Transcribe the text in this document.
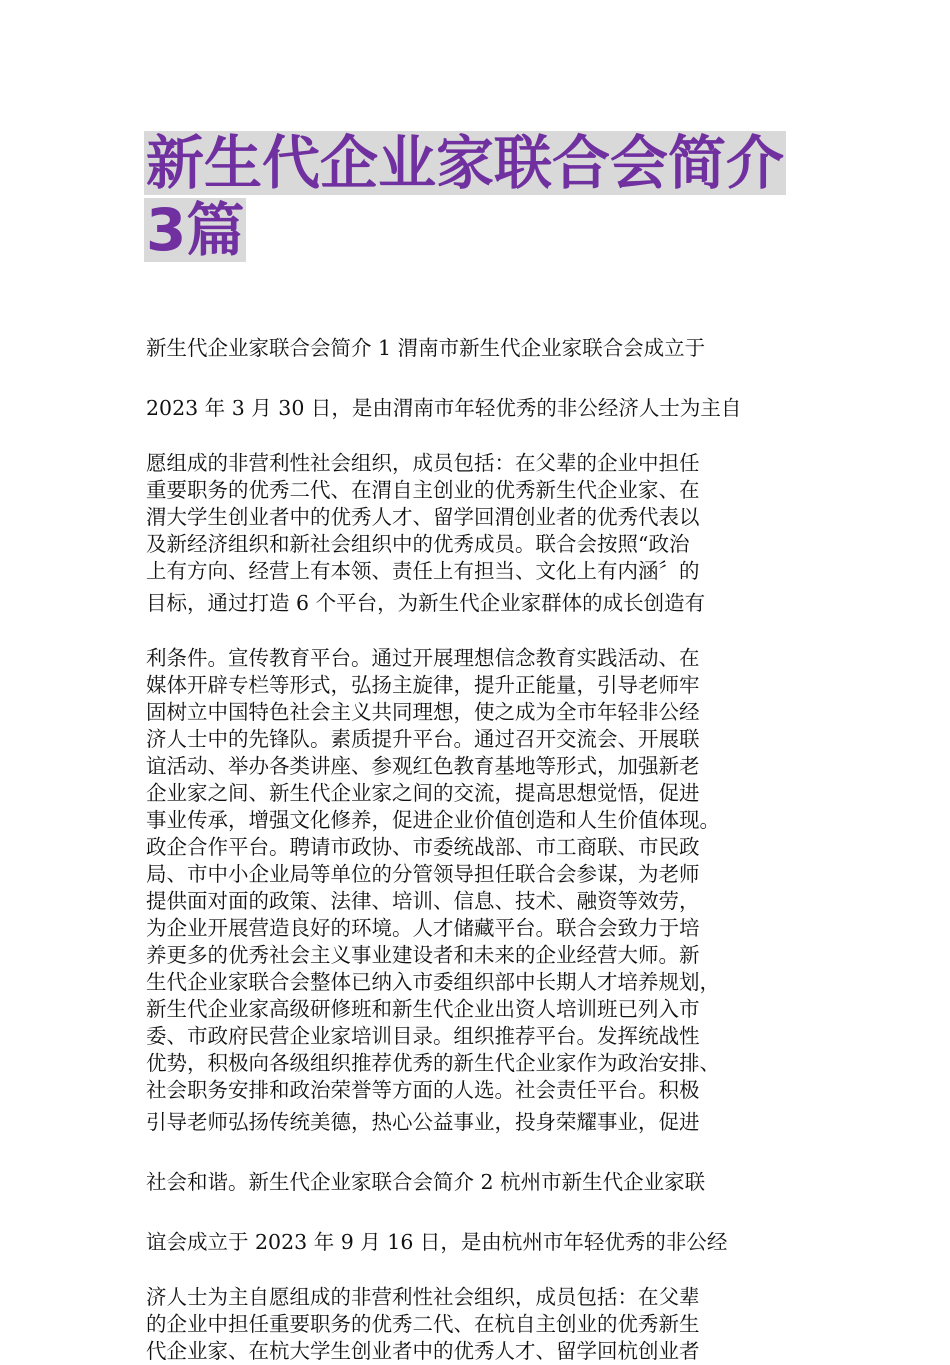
新生代企业家联合会简介
3篇
新生代企业家联合会简介 1 渭南市新生代企业家联合会成立于
2023 年 3 月 30 日，是由渭南市年轻优秀的非公经济人士为主自
愿组成的非营利性社会组织，成员包括：在父辈的企业中担任
重要职务的优秀二代、在渭自主创业的优秀新生代企业家、在
渭大学生创业者中的优秀人才、留学回渭创业者的优秀代表以
及新经济组织和新社会组织中的优秀成员。联合会按照“政治
上有方向、经营上有本领、责任上有担当、文化上有内涵〞的
目标，通过打造 6 个平台，为新生代企业家群体的成长创造有
利条件。宣传教育平台。通过开展理想信念教育实践活动、在
媒体开辟专栏等形式，弘扬主旋律，提升正能量，引导老师牢
固树立中国特色社会主义共同理想，使之成为全市年轻非公经
济人士中的先锋队。素质提升平台。通过召开交流会、开展联
谊活动、举办各类讲座、参观红色教育基地等形式，加强新老
企业家之间、新生代企业家之间的交流，提高思想觉悟，促进
事业传承，增强文化修养，促进企业价值创造和人生价值体现。
政企合作平台。聘请市政协、市委统战部、市工商联、市民政
局、市中小企业局等单位的分管领导担任联合会参谋，为老师
提供面对面的政策、法律、培训、信息、技术、融资等效劳，
为企业开展营造良好的环境。人才储藏平台。联合会致力于培
养更多的优秀社会主义事业建设者和未来的企业经营大师。新
生代企业家联合会整体已纳入市委组织部中长期人才培养规划，
新生代企业家高级研修班和新生代企业出资人培训班已列入市
委、市政府民营企业家培训目录。组织推荐平台。发挥统战性
优势，积极向各级组织推荐优秀的新生代企业家作为政治安排、
社会职务安排和政治荣誉等方面的人选。社会责任平台。积极
引导老师弘扬传统美德，热心公益事业，投身荣耀事业，促进
社会和谐。新生代企业家联合会简介 2 杭州市新生代企业家联
谊会成立于 2023 年 9 月 16 日，是由杭州市年轻优秀的非公经
济人士为主自愿组成的非营利性社会组织，成员包括：在父辈
的企业中担任重要职务的优秀二代、在杭自主创业的优秀新生
代企业家、在杭大学生创业者中的优秀人才、留学回杭创业者
